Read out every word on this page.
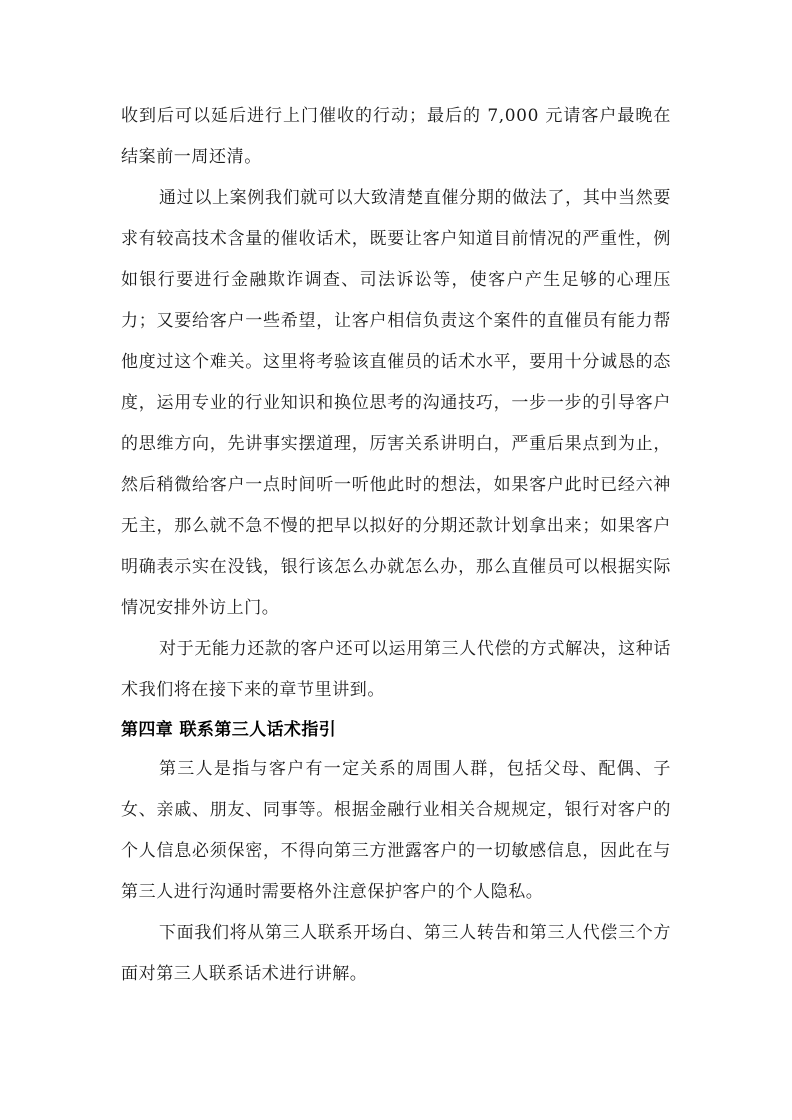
收到后可以延后进行上门催收的行动；最后的 7,000 元请客户最晚在结案前一周还清。

通过以上案例我们就可以大致清楚直催分期的做法了，其中当然要求有较高技术含量的催收话术，既要让客户知道目前情况的严重性，例如银行要进行金融欺诈调查、司法诉讼等，使客户产生足够的心理压力；又要给客户一些希望，让客户相信负责这个案件的直催员有能力帮他度过这个难关。这里将考验该直催员的话术水平，要用十分诚恳的态度，运用专业的行业知识和换位思考的沟通技巧，一步一步的引导客户的思维方向，先讲事实摆道理，厉害关系讲明白，严重后果点到为止，然后稍微给客户一点时间听一听他此时的想法，如果客户此时已经六神无主，那么就不急不慢的把早以拟好的分期还款计划拿出来；如果客户明确表示实在没钱，银行该怎么办就怎么办，那么直催员可以根据实际情况安排外访上门。

对于无能力还款的客户还可以运用第三人代偿的方式解决，这种话术我们将在接下来的章节里讲到。

第四章 联系第三人话术指引

第三人是指与客户有一定关系的周围人群，包括父母、配偶、子女、亲戚、朋友、同事等。根据金融行业相关合规规定，银行对客户的个人信息必须保密，不得向第三方泄露客户的一切敏感信息，因此在与第三人进行沟通时需要格外注意保护客户的个人隐私。

下面我们将从第三人联系开场白、第三人转告和第三人代偿三个方面对第三人联系话术进行讲解。
